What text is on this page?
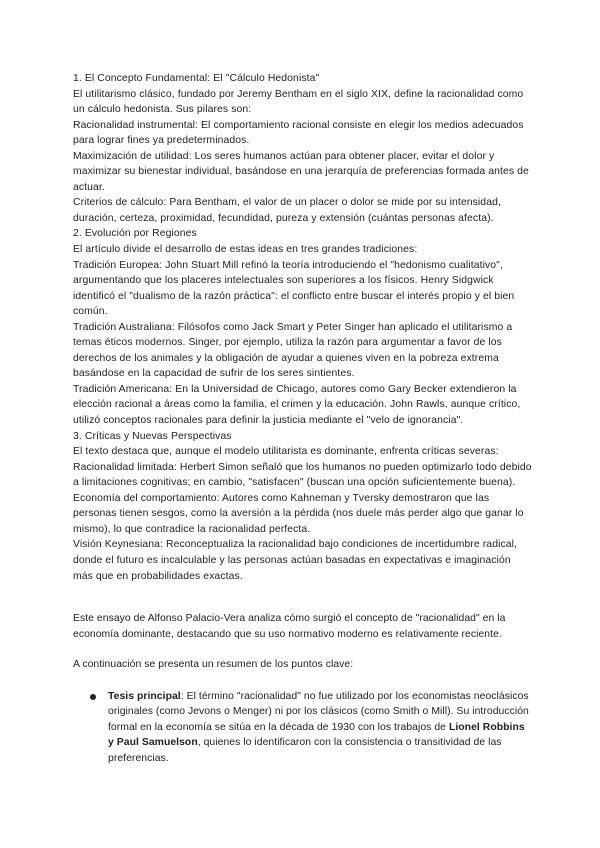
1. El Concepto Fundamental: El "Cálculo Hedonista"

El utilitarismo clásico, fundado por Jeremy Bentham en el siglo XIX, define la racionalidad como un cálculo hedonista. Sus pilares son:

Racionalidad instrumental: El comportamiento racional consiste en elegir los medios adecuados para lograr fines ya predeterminados.

Maximización de utilidad: Los seres humanos actúan para obtener placer, evitar el dolor y maximizar su bienestar individual, basándose en una jerarquía de preferencias formada antes de actuar.

Criterios de cálculo: Para Bentham, el valor de un placer o dolor se mide por su intensidad, duración, certeza, proximidad, fecundidad, pureza y extensión (cuántas personas afecta).

2. Evolución por Regiones

El artículo divide el desarrollo de estas ideas en tres grandes tradiciones:

Tradición Europea: John Stuart Mill refinó la teoría introduciendo el "hedonismo cualitativo", argumentando que los placeres intelectuales son superiores a los físicos. Henry Sidgwick identificó el "dualismo de la razón práctica": el conflicto entre buscar el interés propio y el bien común.

Tradición Australiana: Filósofos como Jack Smart y Peter Singer han aplicado el utilitarismo a temas éticos modernos. Singer, por ejemplo, utiliza la razón para argumentar a favor de los derechos de los animales y la obligación de ayudar a quienes viven en la pobreza extrema basándose en la capacidad de sufrir de los seres sintientes.

Tradición Americana: En la Universidad de Chicago, autores como Gary Becker extendieron la elección racional a áreas como la familia, el crimen y la educación. John Rawls, aunque crítico, utilizó conceptos racionales para definir la justicia mediante el "velo de ignorancia".

3. Críticas y Nuevas Perspectivas

El texto destaca que, aunque el modelo utilitarista es dominante, enfrenta críticas severas:

Racionalidad limitada: Herbert Simon señaló que los humanos no pueden optimizarlo todo debido a limitaciones cognitivas; en cambio, "satisfacen" (buscan una opción suficientemente buena).

Economía del comportamiento: Autores como Kahneman y Tversky demostraron que las personas tienen sesgos, como la aversión a la pérdida (nos duele más perder algo que ganar lo mismo), lo que contradice la racionalidad perfecta.

Visión Keynesiana: Reconceptualiza la racionalidad bajo condiciones de incertidumbre radical, donde el futuro es incalculable y las personas actúan basadas en expectativas e imaginación más que en probabilidades exactas.

Este ensayo de Alfonso Palacio-Vera analiza cómo surgió el concepto de "racionalidad" en la economía dominante, destacando que su uso normativo moderno es relativamente reciente.

A continuación se presenta un resumen de los puntos clave:

Tesis principal: El término "racionalidad" no fue utilizado por los economistas neoclásicos originales (como Jevons o Menger) ni por los clásicos (como Smith o Mill). Su introducción formal en la economía se sitúa en la década de 1930 con los trabajos de Lionel Robbins y Paul Samuelson, quienes lo identificaron con la consistencia o transitividad de las preferencias.
